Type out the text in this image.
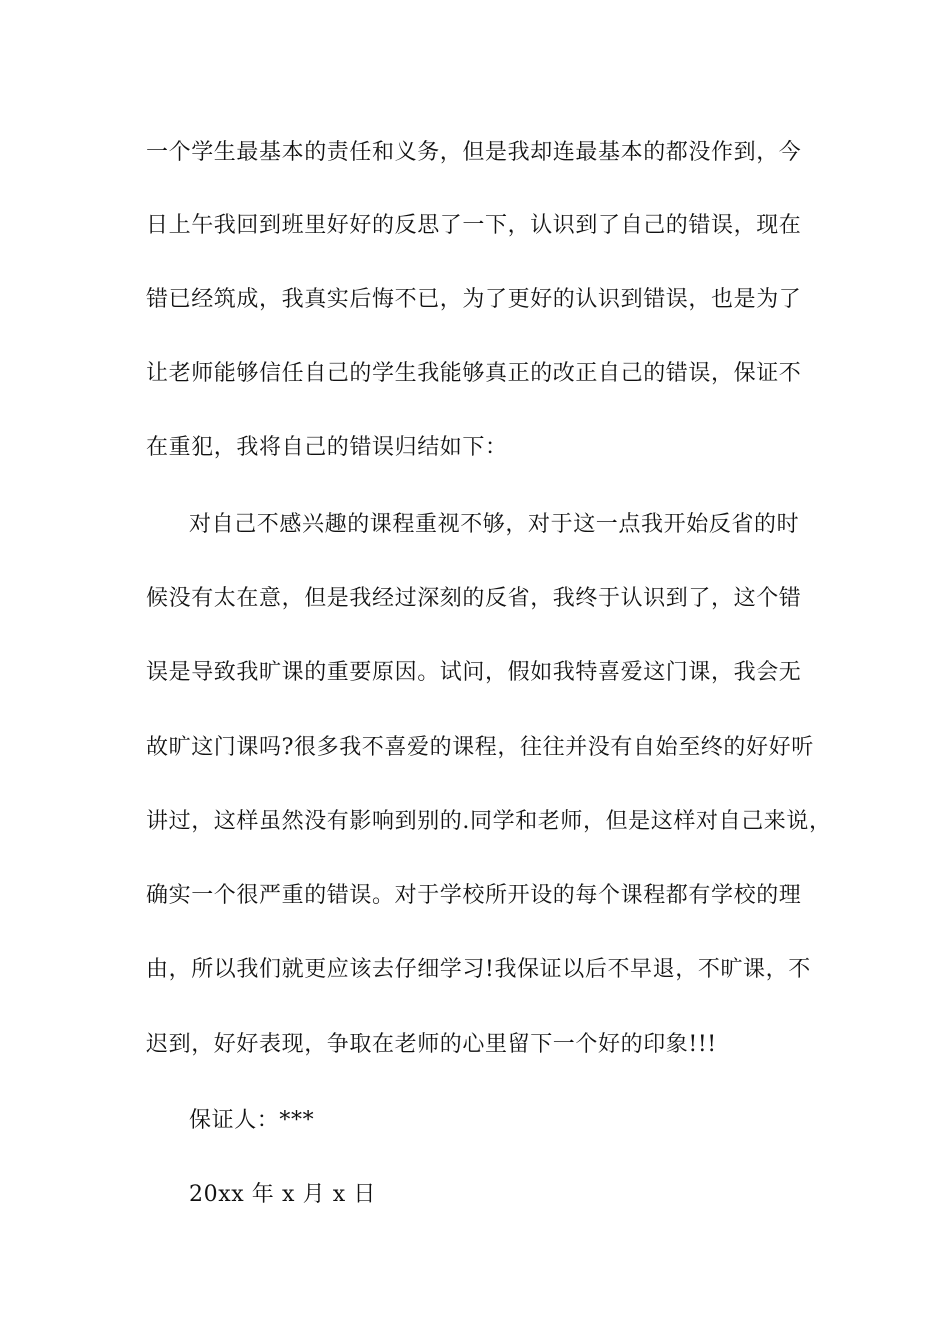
一个学生最基本的责任和义务，但是我却连最基本的都没作到，今
日上午我回到班里好好的反思了一下，认识到了自己的错误，现在
错已经筑成，我真实后悔不已，为了更好的认识到错误，也是为了
让老师能够信任自己的学生我能够真正的改正自己的错误，保证不
在重犯，我将自己的错误归结如下：
对自己不感兴趣的课程重视不够，对于这一点我开始反省的时
候没有太在意，但是我经过深刻的反省，我终于认识到了，这个错
误是导致我旷课的重要原因。试问，假如我特喜爱这门课，我会无
故旷这门课吗?很多我不喜爱的课程，往往并没有自始至终的好好听
讲过，这样虽然没有影响到别的.同学和老师，但是这样对自己来说，
确实一个很严重的错误。对于学校所开设的每个课程都有学校的理
由，所以我们就更应该去仔细学习!我保证以后不早退，不旷课，不
迟到，好好表现，争取在老师的心里留下一个好的印象!!!
保证人：***
20xx 年 x 月 x 日
